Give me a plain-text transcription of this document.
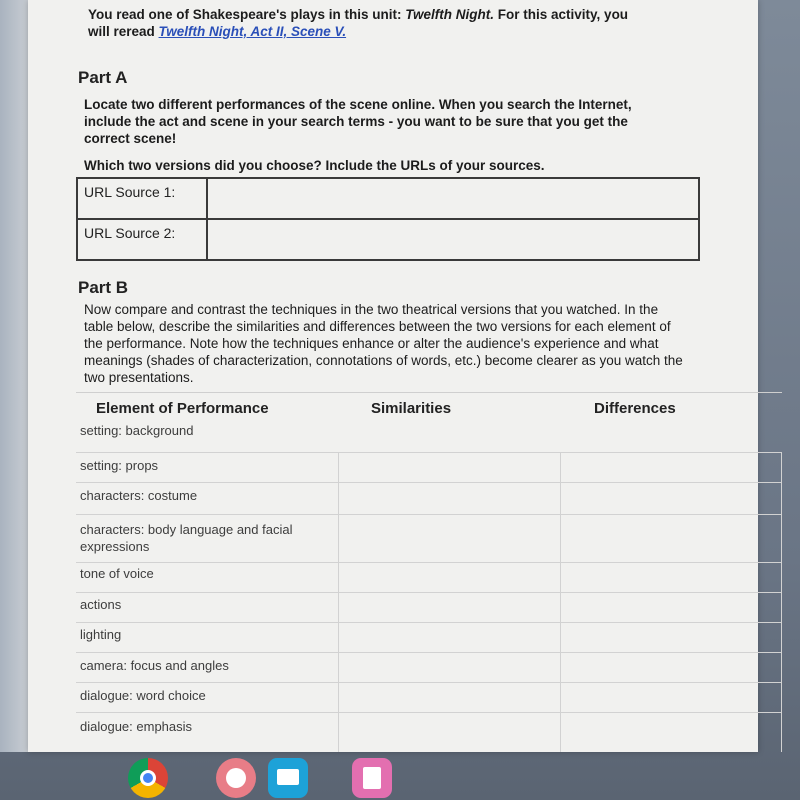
You read one of Shakespeare's plays in this unit: Twelfth Night. For this activity, you
will reread Twelfth Night, Act II, Scene V.
Part A
Locate two different performances of the scene online. When you search the Internet, include the act and scene in your search terms - you want to be sure that you get the correct scene!
Which two versions did you choose? Include the URLs of your sources.
URL Source 1:	
URL Source 2:	
Part B
Now compare and contrast the techniques in the two theatrical versions that you watched. In the table below, describe the similarities and differences between the two versions for each element of the performance. Note how the techniques enhance or alter the audience's experience and what meanings (shades of characterization, connotations of words, etc.) become clearer as you watch the two presentations.
Element of Performance	Similarities	Differences
setting: background
setting: props
characters: costume
characters: body language and facial expressions
tone of voice
actions
lighting
camera: focus and angles
dialogue: word choice
dialogue: emphasis
